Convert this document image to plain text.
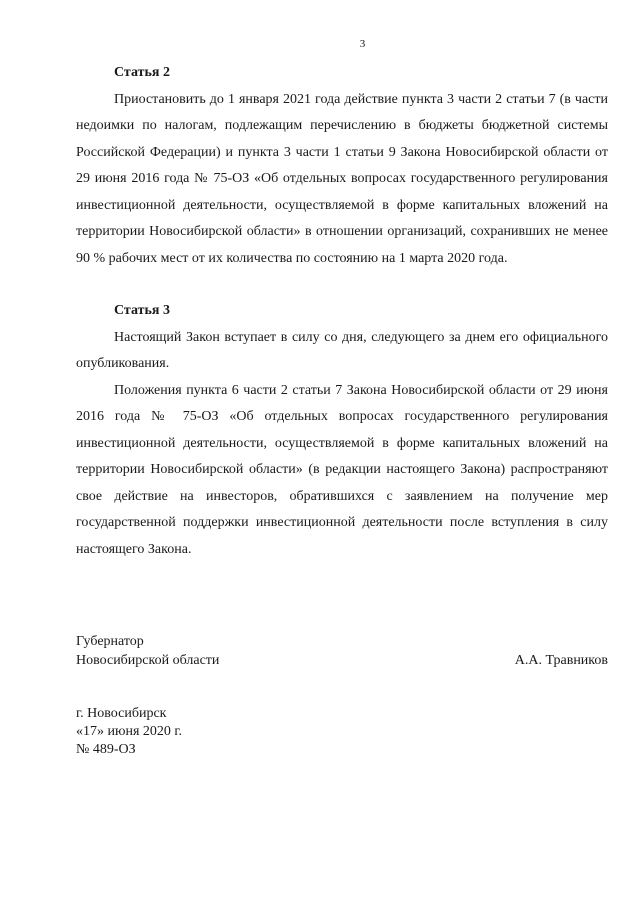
3

Статья 2

Приостановить до 1 января 2021 года действие пункта 3 части 2 статьи 7 (в части недоимки по налогам, подлежащим перечислению в бюджеты бюджетной системы Российской Федерации) и пункта 3 части 1 статьи 9 Закона Новосибирской области от 29 июня 2016 года № 75-ОЗ «Об отдельных вопросах государственного регулирования инвестиционной деятельности, осуществляемой в форме капитальных вложений на территории Новосибирской области» в отношении организаций, сохранивших не менее 90 % рабочих мест от их количества по состоянию на 1 марта 2020 года.

Статья 3

Настоящий Закон вступает в силу со дня, следующего за днем его официального опубликования.

Положения пункта 6 части 2 статьи 7 Закона Новосибирской области от 29 июня 2016 года № 75-ОЗ «Об отдельных вопросах государственного регулирования инвестиционной деятельности, осуществляемой в форме капитальных вложений на территории Новосибирской области» (в редакции настоящего Закона) распространяют свое действие на инвесторов, обратившихся с заявлением на получение мер государственной поддержки инвестиционной деятельности после вступления в силу настоящего Закона.

Губернатор
Новосибирской области	А.А. Травников
г. Новосибирск
«17» июня 2020 г.
№ 489-ОЗ
